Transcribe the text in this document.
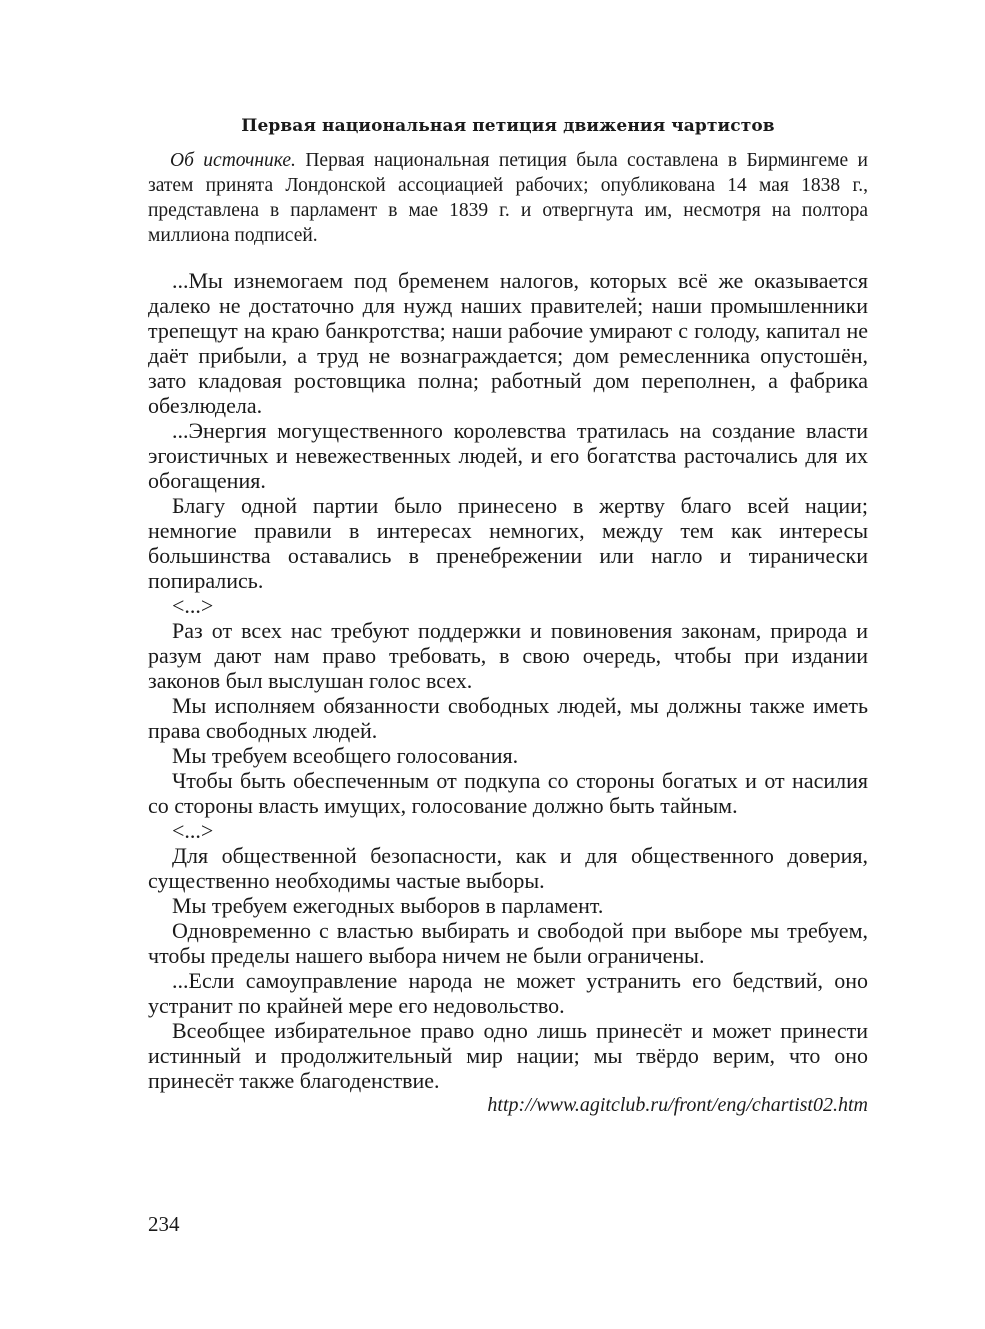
Первая национальная петиция движения чартистов

Об источнике. Первая национальная петиция была составлена в Бирмингеме и затем принята Лондонской ассоциацией рабочих; опубликована 14 мая 1838 г., представлена в парламент в мае 1839 г. и отвергнута им, несмотря на полтора миллиона подписей.

...Мы изнемогаем под бременем налогов, которых всё же оказывается далеко не достаточно для нужд наших правителей; наши промышленники трепещут на краю банкротства; наши рабочие умирают с голоду, капитал не даёт прибыли, а труд не вознаграждается; дом ремесленника опустошён, зато кладовая ростовщика полна; работный дом переполнен, а фабрика обезлюдела.

...Энергия могущественного королевства тратилась на создание власти эгоистичных и невежественных людей, и его богатства расточались для их обогащения.

Благу одной партии было принесено в жертву благо всей нации; немногие правили в интересах немногих, между тем как интересы большинства оставались в пренебрежении или нагло и тиранически попирались.

<...>

Раз от всех нас требуют поддержки и повиновения законам, природа и разум дают нам право требовать, в свою очередь, чтобы при издании законов был выслушан голос всех.

Мы исполняем обязанности свободных людей, мы должны также иметь права свободных людей.

Мы требуем всеобщего голосования.

Чтобы быть обеспеченным от подкупа со стороны богатых и от насилия со стороны власть имущих, голосование должно быть тайным.

<...>

Для общественной безопасности, как и для общественного доверия, существенно необходимы частые выборы.

Мы требуем ежегодных выборов в парламент.

Одновременно с властью выбирать и свободой при выборе мы требуем, чтобы пределы нашего выбора ничем не были ограничены.

...Если самоуправление народа не может устранить его бедствий, оно устранит по крайней мере его недовольство.

Всеобщее избирательное право одно лишь принесёт и может принести истинный и продолжительный мир нации; мы твёрдо верим, что оно принесёт также благоденствие.

http://www.agitclub.ru/front/eng/chartist02.htm

234
